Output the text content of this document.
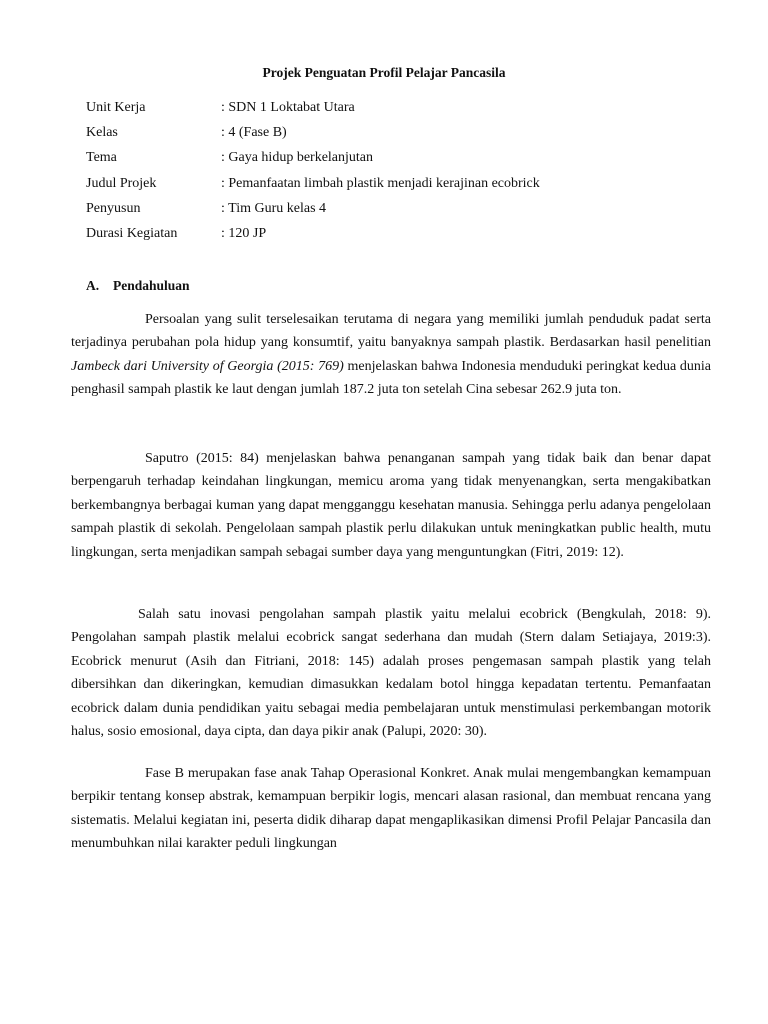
Projek Penguatan Profil Pelajar Pancasila
Unit Kerja	: SDN 1 Loktabat Utara
Kelas	: 4 (Fase B)
Tema	: Gaya hidup berkelanjutan
Judul Projek	: Pemanfaatan limbah plastik menjadi kerajinan ecobrick
Penyusun	: Tim Guru kelas 4
Durasi Kegiatan	: 120 JP
A. Pendahuluan

Persoalan yang sulit terselesaikan terutama di negara yang memiliki jumlah penduduk padat serta terjadinya perubahan pola hidup yang konsumtif, yaitu banyaknya sampah plastik. Berdasarkan hasil penelitian Jambeck dari University of Georgia (2015: 769) menjelaskan bahwa Indonesia menduduki peringkat kedua dunia penghasil sampah plastik ke laut dengan jumlah 187.2 juta ton setelah Cina sebesar 262.9 juta ton.

Saputro (2015: 84) menjelaskan bahwa penanganan sampah yang tidak baik dan benar dapat berpengaruh terhadap keindahan lingkungan, memicu aroma yang tidak menyenangkan, serta mengakibatkan berkembangnya berbagai kuman yang dapat mengganggu kesehatan manusia. Sehingga perlu adanya pengelolaan sampah plastik di sekolah. Pengelolaan sampah plastik perlu dilakukan untuk meningkatkan public health, mutu lingkungan, serta menjadikan sampah sebagai sumber daya yang menguntungkan (Fitri, 2019: 12).

Salah satu inovasi pengolahan sampah plastik yaitu melalui ecobrick (Bengkulah, 2018: 9). Pengolahan sampah plastik melalui ecobrick sangat sederhana dan mudah (Stern dalam Setiajaya, 2019:3). Ecobrick menurut (Asih dan Fitriani, 2018: 145) adalah proses pengemasan sampah plastik yang telah dibersihkan dan dikeringkan, kemudian dimasukkan kedalam botol hingga kepadatan tertentu. Pemanfaatan ecobrick dalam dunia pendidikan yaitu sebagai media pembelajaran untuk menstimulasi perkembangan motorik halus, sosio emosional, daya cipta, dan daya pikir anak (Palupi, 2020: 30).

Fase B merupakan fase anak Tahap Operasional Konkret. Anak mulai mengembangkan kemampuan berpikir tentang konsep abstrak, kemampuan berpikir logis, mencari alasan rasional, dan membuat rencana yang sistematis. Melalui kegiatan ini, peserta didik diharap dapat mengaplikasikan dimensi Profil Pelajar Pancasila dan menumbuhkan nilai karakter peduli lingkungan
